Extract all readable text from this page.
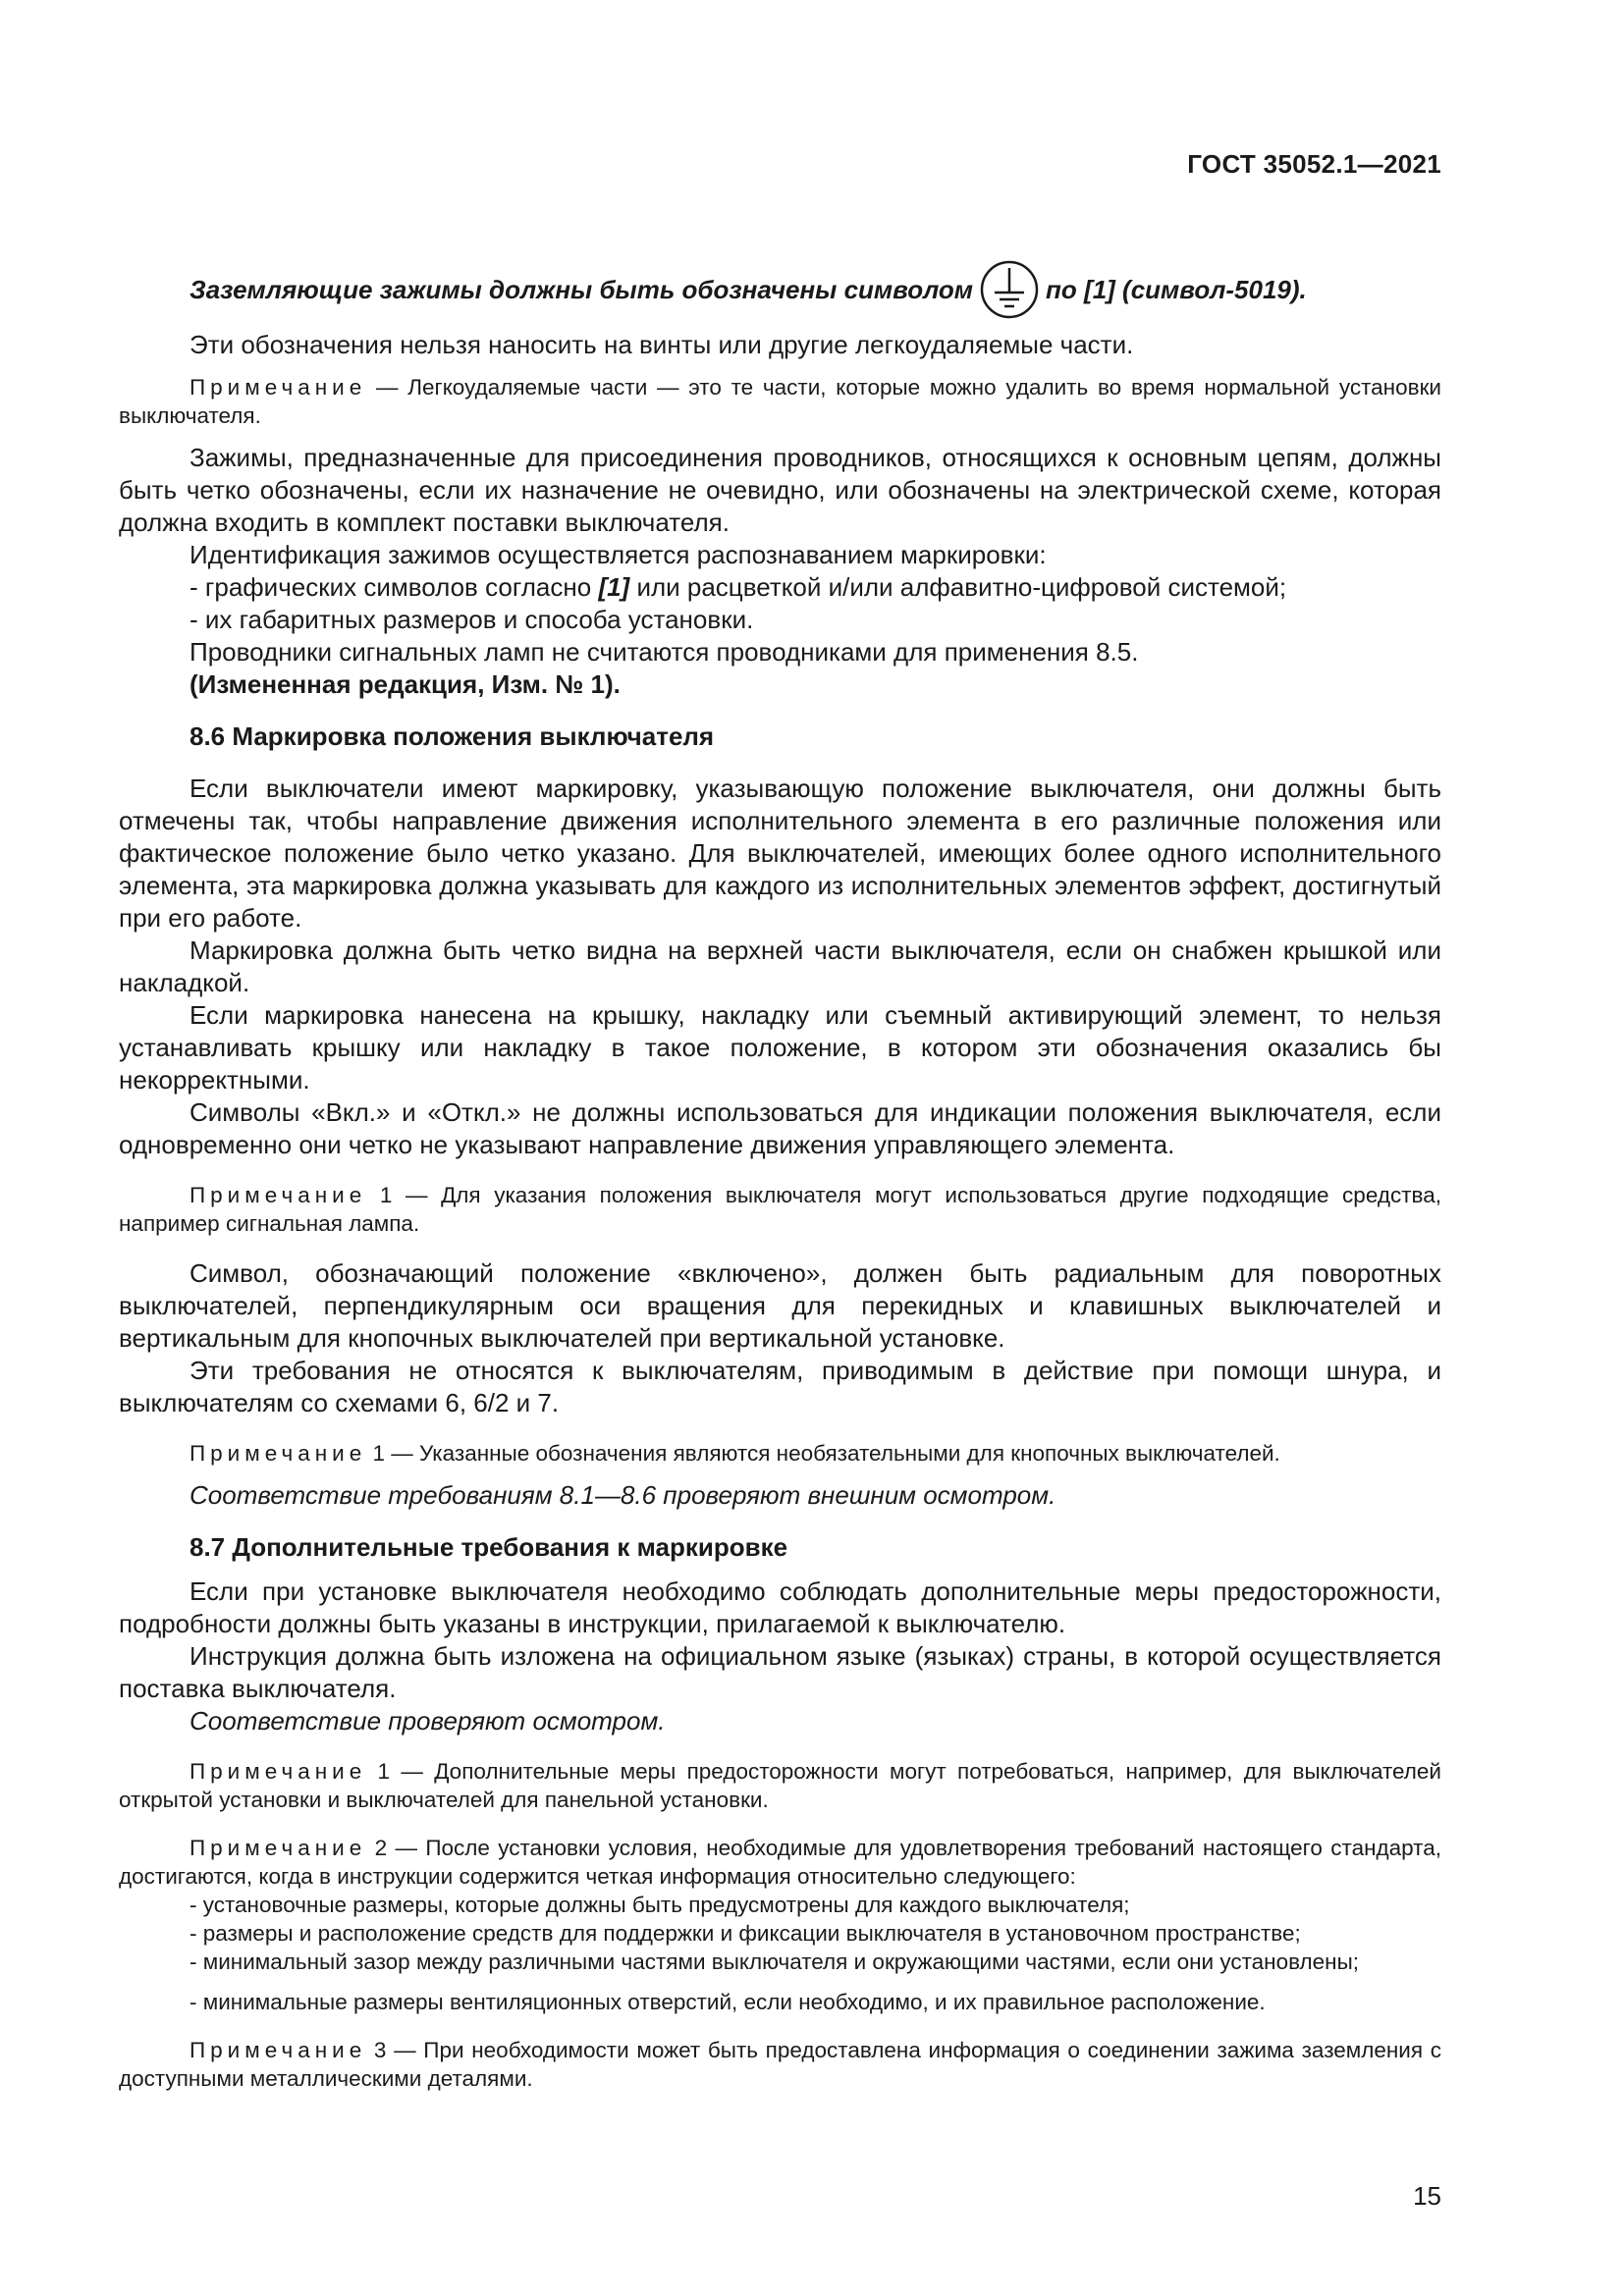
ГОСТ 35052.1—2021
Заземляющие зажимы должны быть обозначены символом	по [1] (символ-5019).

Эти обозначения нельзя наносить на винты или другие легкоудаляемые части.

Примечание — Легкоудаляемые части — это те части, которые можно удалить во время нормальной установки выключателя.

Зажимы, предназначенные для присоединения проводников, относящихся к основным цепям, должны быть четко обозначены, если их назначение не очевидно, или обозначены на электрической схеме, которая должна входить в комплект поставки выключателя.

Идентификация зажимов осуществляется распознаванием маркировки:

- графических символов согласно [1] или расцветкой и/или алфавитно-цифровой системой;

- их габаритных размеров и способа установки.

Проводники сигнальных ламп не считаются проводниками для применения 8.5.

(Измененная редакция, Изм. № 1).

8.6 Маркировка положения выключателя

Если выключатели имеют маркировку, указывающую положение выключателя, они должны быть отмечены так, чтобы направление движения исполнительного элемента в его различные положения или фактическое положение было четко указано. Для выключателей, имеющих более одного исполнительного элемента, эта маркировка должна указывать для каждого из исполнительных элементов эффект, достигнутый при его работе.

Маркировка должна быть четко видна на верхней части выключателя, если он снабжен крышкой или накладкой.

Если маркировка нанесена на крышку, накладку или съемный активирующий элемент, то нельзя устанавливать крышку или накладку в такое положение, в котором эти обозначения оказались бы некорректными.

Символы «Вкл.» и «Откл.» не должны использоваться для индикации положения выключателя, если одновременно они четко не указывают направление движения управляющего элемента.

Примечание 1 — Для указания положения выключателя могут использоваться другие подходящие средства, например сигнальная лампа.

Символ, обозначающий положение «включено», должен быть радиальным для поворотных выключателей, перпендикулярным оси вращения для перекидных и клавишных выключателей и вертикальным для кнопочных выключателей при вертикальной установке.

Эти требования не относятся к выключателям, приводимым в действие при помощи шнура, и выключателям со схемами 6, 6/2 и 7.

Примечание 1 — Указанные обозначения являются необязательными для кнопочных выключателей.

Соответствие требованиям 8.1—8.6 проверяют внешним осмотром.

8.7 Дополнительные требования к маркировке

Если при установке выключателя необходимо соблюдать дополнительные меры предосторожности, подробности должны быть указаны в инструкции, прилагаемой к выключателю.

Инструкция должна быть изложена на официальном языке (языках) страны, в которой осуществляется поставка выключателя.

Соответствие проверяют осмотром.

Примечание 1 — Дополнительные меры предосторожности могут потребоваться, например, для выключателей открытой установки и выключателей для панельной установки.

Примечание 2 — После установки условия, необходимые для удовлетворения требований настоящего стандарта, достигаются, когда в инструкции содержится четкая информация относительно следующего:

- установочные размеры, которые должны быть предусмотрены для каждого выключателя;

- размеры и расположение средств для поддержки и фиксации выключателя в установочном пространстве;

- минимальный зазор между различными частями выключателя и окружающими частями, если они установлены;

- минимальные размеры вентиляционных отверстий, если необходимо, и их правильное расположение.

Примечание 3 — При необходимости может быть предоставлена информация о соединении зажима заземления с доступными металлическими деталями.

15
